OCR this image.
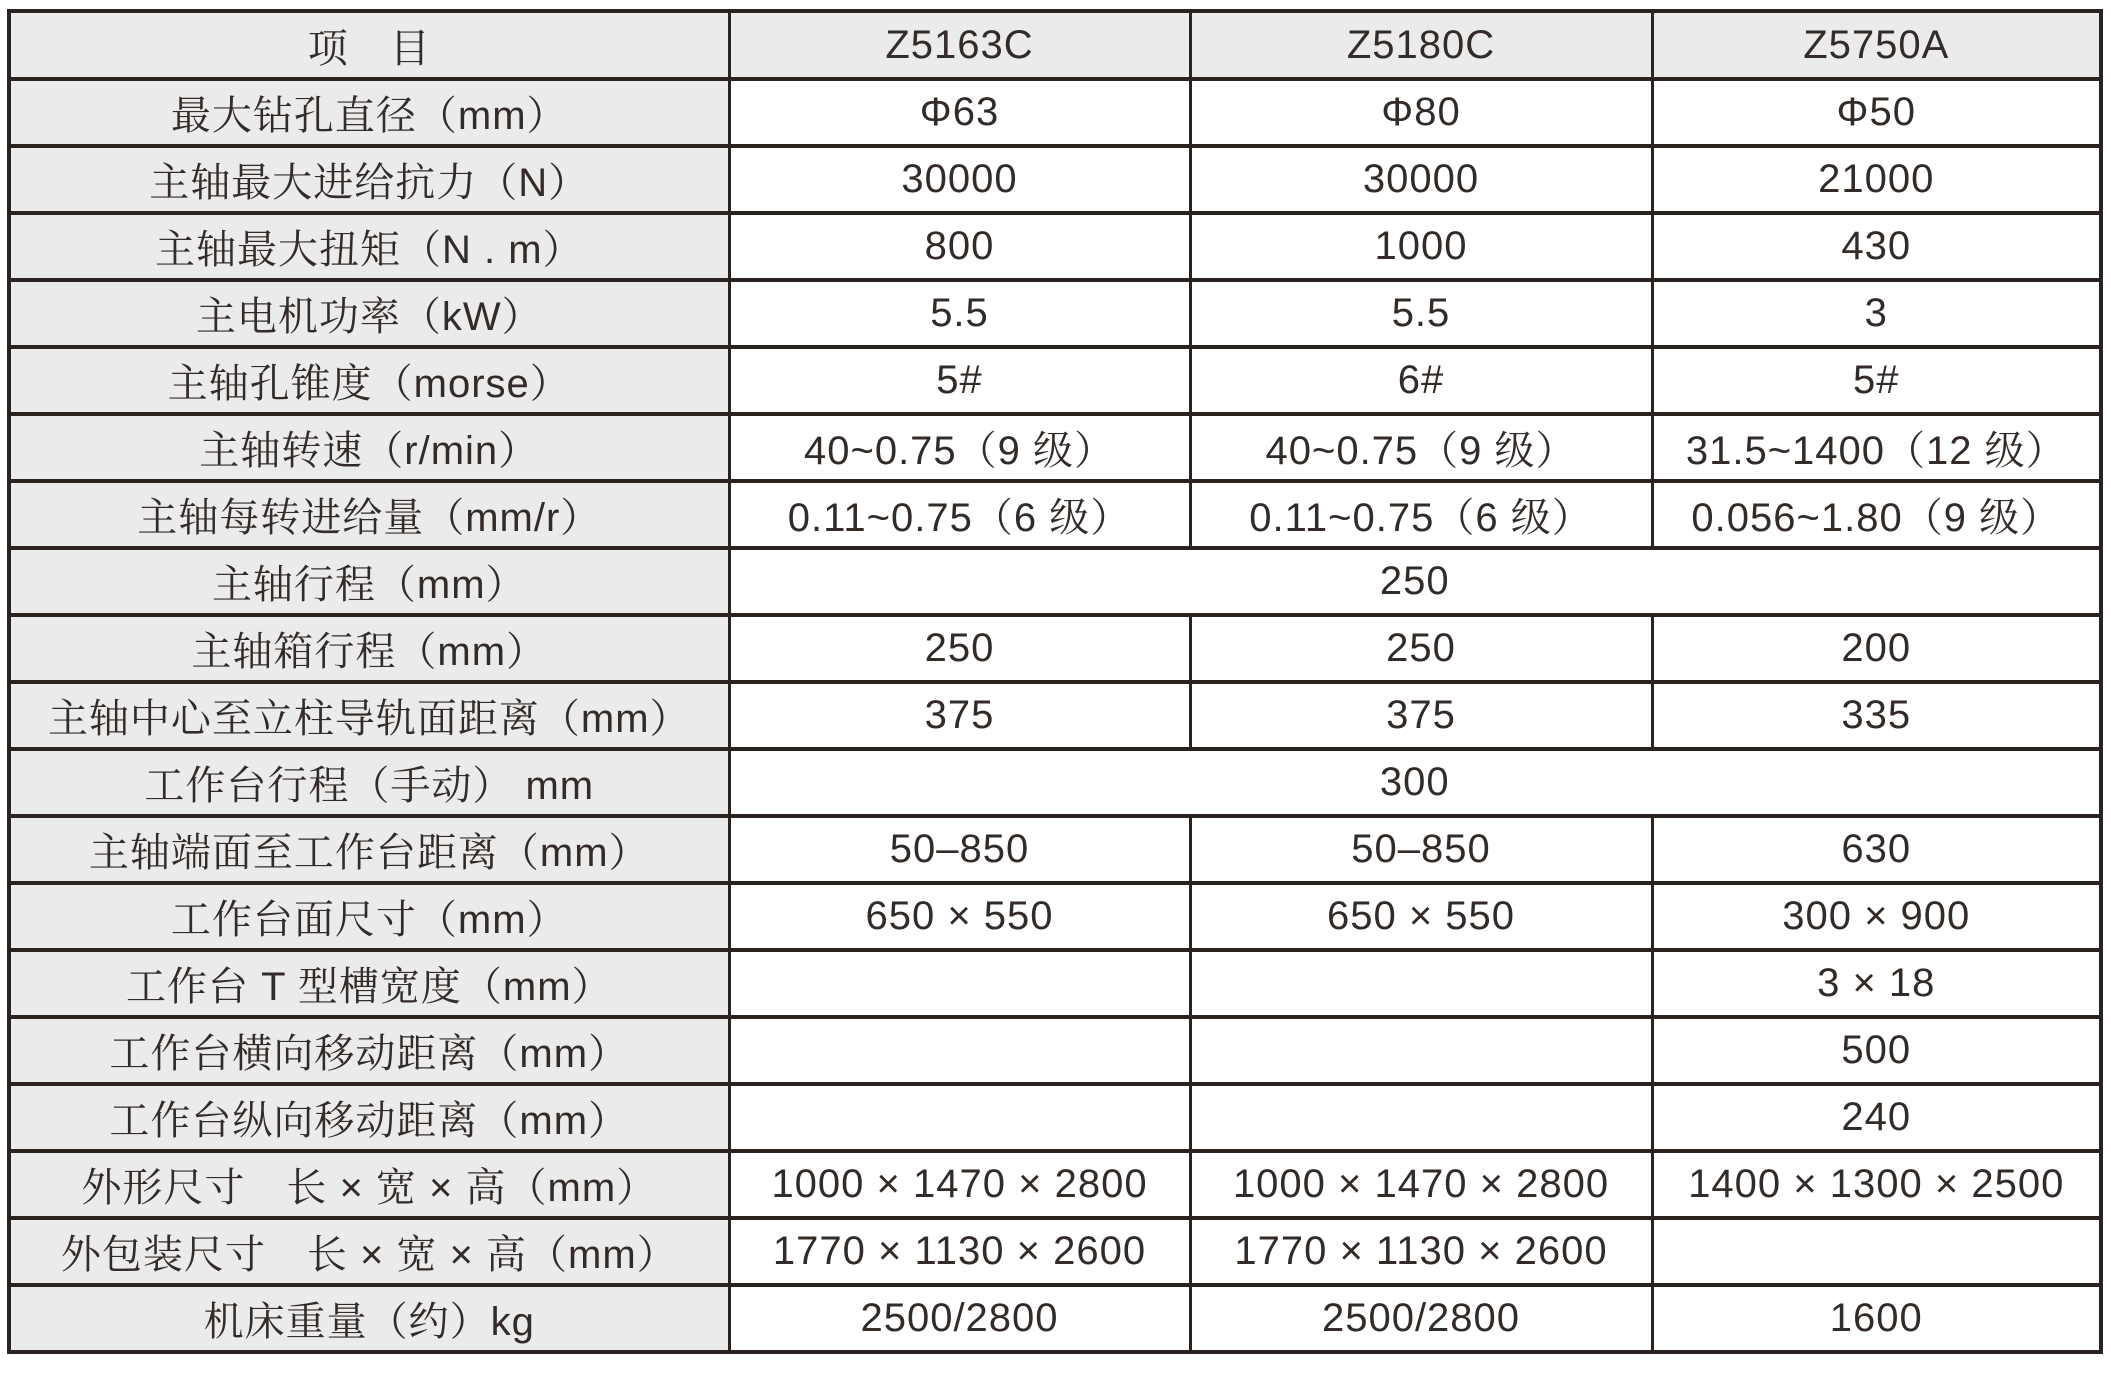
项　目	Z5163C	Z5180C	Z5750A
最大钻孔直径（mm）	Φ63	Φ80	Φ50
主轴最大进给抗力（N）	30000	30000	21000
主轴最大扭矩（N . m）	800	1000	430
主电机功率（kW）	5.5	5.5	3
主轴孔锥度（morse）	5#	6#	5#
主轴转速（r/min）	40~0.75（9 级）	40~0.75（9 级）	31.5~1400（12 级）
主轴每转进给量（mm/r）	0.11~0.75（6 级）	0.11~0.75（6 级）	0.056~1.80（9 级）
主轴行程（mm）	250		
主轴箱行程（mm）	250	250	200
主轴中心至立柱导轨面距离（mm）	375	375	335
工作台行程（手动） mm	300		
主轴端面至工作台距离（mm）	50–850	50–850	630
工作台面尺寸（mm）	650 × 550	650 × 550	300 × 900
工作台 T 型槽宽度（mm）			3 × 18
工作台横向移动距离（mm）			500
工作台纵向移动距离（mm）			240
外形尺寸　长 × 宽 × 高（mm）	1000 × 1470 × 2800	1000 × 1470 × 2800	1400 × 1300 × 2500
外包装尺寸　长 × 宽 × 高（mm）	1770 × 1130 × 2600	1770 × 1130 × 2600	
机床重量（约）kg	2500/2800	2500/2800	1600
